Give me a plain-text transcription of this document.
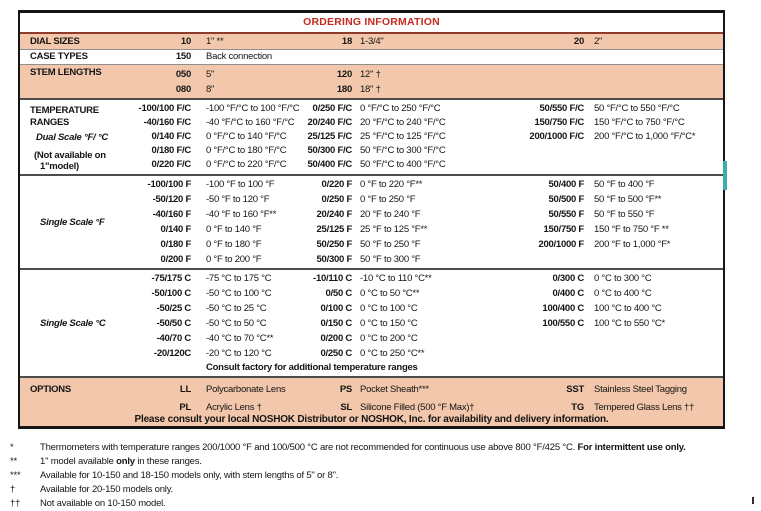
ORDERING INFORMATION
DIAL SIZES	10	1" **	18 1-3/4"	20	2"
CASE TYPES	150	Back connection
STEM LENGTHS	050	5"	120 12" †
080	8"	180 18" †
TEMPERATURE
RANGES
Dual Scale °F/ °C
(Not available on
1"model)
-100/100 F/C	-100 °F/°C to 100 °F/°C	0/250 F/C 0 °F/°C to 250 °F/°C	50/550 F/C	50 °F/°C to 550 °F/°C
-40/160 F/C	-40 °F/°C to 160 °F/°C	20/240 F/C 20 °F/°C to 240 °F/°C	150/750 F/C	150 °F/°C to 750 °F/°C
0/140 F/C	0 °F/°C to 140 °F/°C	25/125 F/C 25 °F/°C to 125 °F/°C	200/1000 F/C	200 °F/°C to 1,000 °F/°C*
0/180 F/C	0 °F/°C to 180 °F/°C	50/300 F/C 50 °F/°C to 300 °F/°C
0/220 F/C	0 °F/°C to 220 °F/°C	50/400 F/C 50 °F/°C to 400 °F/°C
Single Scale °F
-100/100 F	-100 °F to 100 °F	0/220 F 0 °F to 220 °F**	50/400 F	50 °F to 400 °F
-50/120 F	-50 °F to 120 °F	0/250 F 0 °F to 250 °F	50/500 F	50 °F to 500 °F**
-40/160 F	-40 °F to 160 °F**	20/240 F 20 °F to 240 °F	50/550 F	50 °F to 550 °F
0/140 F	0 °F to 140 °F	25/125 F 25 °F to 125 °F**	150/750 F	150 °F to 750 °F **
0/180 F	0 °F to 180 °F	50/250 F 50 °F to 250 °F	200/1000 F	200 °F to 1,000 °F*
0/200 F	0 °F to 200 °F	50/300 F 50 °F to 300 °F
Single Scale °C
-75/175 C	-75 °C to 175 °C	-10/110 C -10 °C to 110 °C**	0/300 C	0 °C to 300 °C
-50/100 C	-50 °C to 100 °C	0/50 C 0 °C to 50 °C**	0/400 C	0 °C to 400 °C
-50/25 C	-50 °C to 25 °C	0/100 C 0 °C to 100 °C	100/400 C	100 °C to 400 °C
-50/50 C	-50 °C to 50 °C	0/150 C 0 °C to 150 °C	100/550 C	100 °C to 550 °C*
-40/70 C	-40 °C to 70 °C**	0/200 C 0 °C to 200 °C
-20/120C	-20 °C to 120 °C	0/250 C 0 °C to 250 °C**
Consult factory for additional temperature ranges
OPTIONS	LL	Polycarbonate Lens	PS Pocket Sheath***	SST	Stainless Steel Tagging
PL	Acrylic Lens †	SL Silicone Filled (500 °F Max)†	TG	Tempered Glass Lens ††
Please consult your local NOSHOK Distributor or NOSHOK, Inc. for availability and delivery information.
*	Thermometers with temperature ranges 200/1000 °F and 100/500 °C are not recommended for continuous use above 800 °F/425 °C. For intermittent use only.
**	1" model available only in these ranges.
***	Available for 10-150 and 18-150 models only, with stem lengths of 5" or 8".
†	Available for 20-150 models only.
††	Not available on 10-150 model.
